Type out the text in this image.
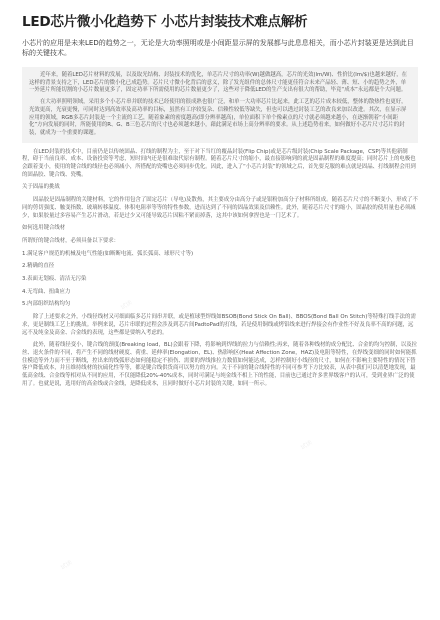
LED芯片微小化趋势下 小芯片封装技术难点解析

小芯片的应用是未来LED的趋势之一，无论是大功率照明或是小间距显示屏的发展都与此息息相关，而小芯片封装更是达到此目标的关键技术。

近年来，随着LED芯片材料的发展，以及取光结构、封装技术的优化，单芯片尺寸的功率(W)越做越高，芯片的光效(lm/W)、性价比(lm/$)也越来越好，在这样的背景支持之下，LED芯片的微小化已成趋势。芯片尺寸微小化背后的意义，除了发光组件的总体尺寸能更佳符合未来产品轻、薄、短、小的趋势之外，单一外延片所能切割的小芯片数量更多了，固定功率下所需使用的芯片数量更少了，这些对于降低LED的生产支出有很大的帮助，毕竟“成本”永远都是个大问题。

在大功率照明领域，采用多个小芯片串并联的技术已经使用的很成熟也很广泛，和单一大功率芯片比起来，此工艺的芯片成本较低，整体的散热性也更好，光效更高，光衰更慢，可同时达到高效率及高功率的目标，虽然有工序较复杂、信赖性较低等缺失，但也可以透过封装工艺的改良来加以改进。其次，在显示屏应用的领域，RGB多芯片封装是一个主流的工艺，随着象素的密度越高(即分辨率越高)，单位面积下单个像素点的尺寸就必须越来越小，在逐渐朝着“小间距化”方向发展的同时，所能使用的R、G、B三色芯片的尺寸也必须越来越小，藉此满足市场上高分辨率的要求。从上述趋势看来，如何做好小芯片尺寸芯片的封装，就成为一个重要的课题。

在LED封装的技术中，目前仍是以传统固晶、打线的制程为主，至于对下当红的覆晶封装(Flip Chip)或是芯片级封装(Chip Scale Package，CSP)等其他新制程，碍于当前良率、成本、设备投资等考虑，短时间内还是很难取代原有制程。随着芯片尺寸的缩小，最直接影响到的就是固晶制程的难度提高；同时芯片上的电极也会跟着变小，使用的键合线的线径也必须减小，所搭配的瓷嘴也必须同步优化。因此，进入了“小芯片封装”的领域之后，首先要克服的难点就是固晶、打线制程会用到的固晶胶、键合线、瓷嘴。

关于固晶的挑战

固晶胶是固晶制程的关键材料，它的作用包含了固定芯片（导电)及散热，其主要成分由高分子或是银粉加高分子材料所组成。随着芯片尺寸的不断变小，形成了不同的剪切强度、触变指数、玻璃转移温度、体积电阻率等等的特性参数，进而达到了不同的固晶效果及信赖性。此外，随着芯片尺寸的缩小，固晶胶的使用量也必须减少，如果胶量过多容易产生芯片滑动，若是过少又可能导致芯片因粘不紧而掉落，这其中该如何拿捏也是一门艺术了。

如何选用键合线材

所谓好的键合线材，必须具备以下要求：

1.满足客户规范的机械及电气性能(如断断电流、弧长弧高、球形尺寸等)

2.精确的直径

3.表面无划痕、清洁无污染

4.无弯曲、扭曲应力

5.内部组织结构均匀

除了上述要求之外，小线径线材又可细面临多芯片间串并联，或是植球型焊线如BSOB(Bond Stick On Ball)、BBOS(Bond Ball On Stitch)等特殊打线手法的需求，更是制线工艺上的挑战。举例来说，芯片串联的过程会涉及到芯片间PadtoPad的打线，若是使用铜线或烤铝线来进行焊接会有作业性不好及良率不高的问题，远远不及纯金及高金、合金线的表现，这些都是要纳入考虑的。

此外，随着线径变小，键合线的颈度(Breaking load，BL)会跟着下降，将影响到焊线的拉力与信赖性;再来，随着各种线材的成分配比、合金的均匀控制，以及拉丝、退火条件的不同，将产生不同的线材硬度、荷重、延伸率(Elongation，EL)、热影响区(Heat Affection Zone，HAZ)及电阻等特性，在焊线变细的同时如何能抓住模造等外力而不至于断线，控出来的线弧形态如何能稳定不损伤、需要的焊线推拉力数值如何能达成，怎样控制好小线径的尺寸，如何在不影响主要特性的情况下替客户降低成本，并且维持线材的抗硫化性等等，都是键合线供货商可以努力的方向。关于不同的键合线特性的不同可参考下方比较表，从表中我们可以清楚地发现，最低高金线、合金线等相对从不同的应用，不仅能降低20%-40%成本，同时可满足与纯金线不相上下的性能，目前也已通过许多世界级客户的认可，受到业界广泛的使用了。也就是说，选用好的高金线或合金线，是降低成本，且同时做好小芯片封装的关键，如同一所示。

试读
试读
试读
